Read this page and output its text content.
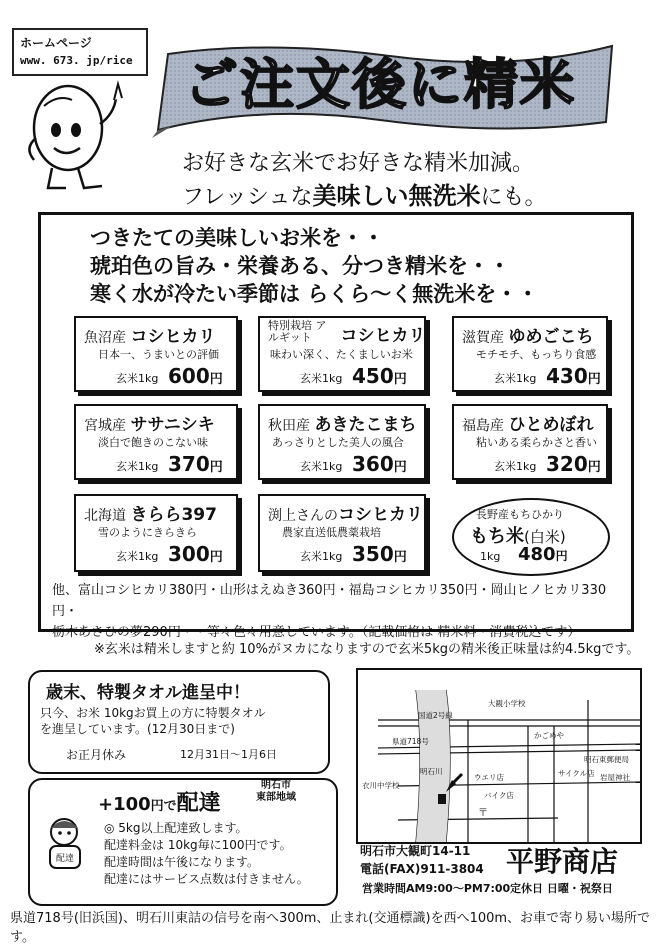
ホームページ
www. 673. jp/rice ご注文後に精米
お好きな玄米でお好きな精米加減。
フレッシュな美味しい無洗米にも。
つきたての美味しいお米を・・
琥珀色の旨み・栄養ある、分つき精米を・・
寒く水が冷たい季節は らくら～く無洗米を・・
魚沼産 コシヒカリ
日本一、うまいとの評価
玄米1kg 600円
特別栽培 アルギット コシヒカリ
味わい深く、たくましいお米
玄米1kg 450円
滋賀産 ゆめごこち
モチモチ、もっちり食感
玄米1kg 430円
宮城産 ササニシキ
淡白で飽きのこない味
玄米1kg 370円
秋田産 あきたこまち
あっさりとした美人の風合
玄米1kg 360円
福島産 ひとめぼれ
粘いある柔らかさと香い
玄米1kg 320円
北海道 きらら397
雪のようにきらきら
玄米1kg 300円
渕上さんのコシヒカリ
農家直送低農薬栽培
玄米1kg 350円
長野産もちひかり
もち米(白米)
1kg 480円
他、富山コシヒカリ380円・山形はえぬき360円・福島コシヒカリ350円・岡山ヒノヒカリ330円・
栃木あさひの夢290円・・等々色々用意しています。（記載価格は 精米料・消費税込です）
※玄米は精米しますと約 10%がヌカになりますので玄米5kgの精米後正味量は約4.5kgです。
歳末、特製タオル進呈中！
只今、お米 10kgお買上の方に特製タオル
を進呈しています。(12月30日まで)
お正月休み	12月31日～1月6日
+100円で配達
明石市
東部地域
配達
◎ 5kg以上配達致します。
配達料金は 10kg毎に100円です。
配達時間は午後になります。
配達にはサービス点数は付きません。
大観小学校
国道2号線
県道718号
かごめや
明石東郵便局
明石川
ウエリ店	サイクル店
バイク店
衣川中学校
岩屋神社
〒
明石市大観町14-11
電話(FAX)911-3804 平野商店
営業時間AM9:00～PM7:00 定休日 日曜・祝祭日
県道718号(旧浜国)、明石川東詰の信号を南へ300m、止まれ(交通標識)を西へ100m、お車で寄り易い場所です。
